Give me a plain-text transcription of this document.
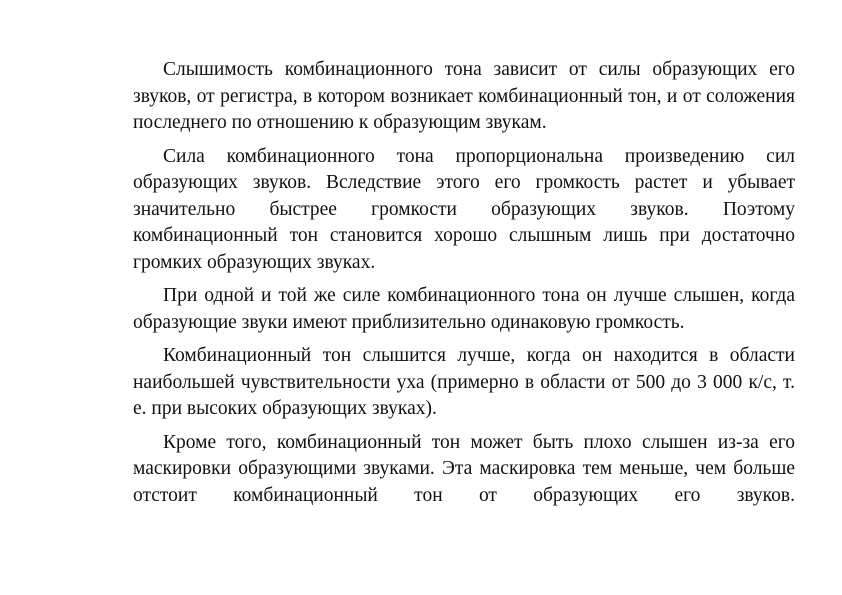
Слышимость комбинационного тона зависит от силы образующих его звуков, от регистра, в котором возникает комбинационный тон, и от соложения последнего по отношению к образующим звукам.

Сила комбинационного тона пропорциональна произведению сил образующих звуков. Вследствие этого его громкость растет и убывает значительно быстрее громкости образующих звуков. Поэтому комбинационный тон становится хорошо слышным лишь при достаточно громких образующих звуках.

При одной и той же силе комбинационного тона он лучше слышен, когда образующие звуки имеют приблизительно одинаковую громкость.

Комбинационный тон слышится лучше, когда он находится в области наибольшей чувствительности уха (примерно в области от 500 до 3 000 к/с, т. е. при высоких образующих звуках).

Кроме того, комбинационный тон может быть плохо слышен из-за его маскировки образующими звуками. Эта маскировка тем меньше, чем больше отстоит комбинационный тон от образующих его звуков.
